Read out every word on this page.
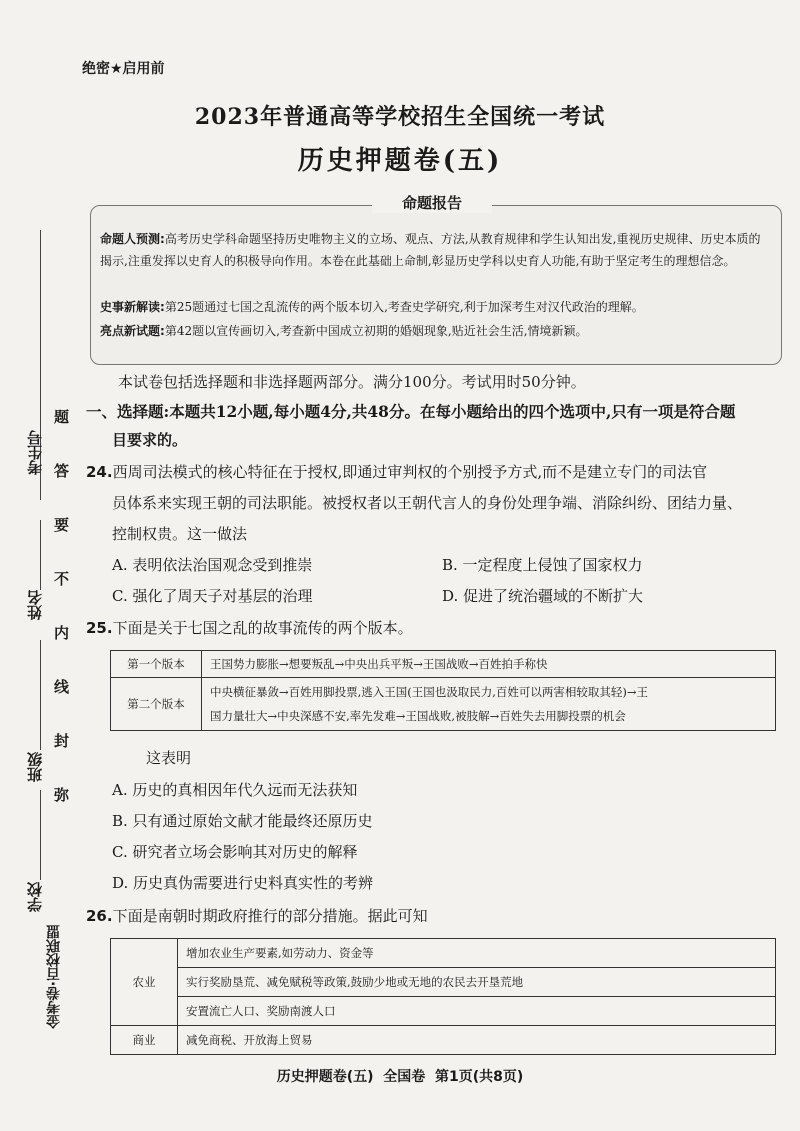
绝密★启用前
2023年普通高等学校招生全国统一考试
历史押题卷(五)
命题报告
命题人预测:高考历史学科命题坚持历史唯物主义的立场、观点、方法,从教育规律和学生认知出发,重视历史规律、历史本质的揭示,注重发挥以史育人的积极导向作用。本卷在此基础上命制,彰显历史学科以史育人功能,有助于坚定考生的理想信念。
史事新解读:第25题通过七国之乱流传的两个版本切入,考查史学研究,利于加深考生对汉代政治的理解。
亮点新试题:第42题以宣传画切入,考查新中国成立初期的婚姻现象,贴近社会生活,情境新颖。
本试卷包括选择题和非选择题两部分。满分100分。考试用时50分钟。
一、选择题:本题共12小题,每小题4分,共48分。在每小题给出的四个选项中,只有一项是符合题
目要求的。
24.西周司法模式的核心特征在于授权,即通过审判权的个别授予方式,而不是建立专门的司法官
员体系来实现王朝的司法职能。被授权者以王朝代言人的身份处理争端、消除纠纷、团结力量、
控制权贵。这一做法
A. 表明依法治国观念受到推崇	B. 一定程度上侵蚀了国家权力
C. 强化了周天子对基层的治理	D. 促进了统治疆域的不断扩大
25.下面是关于七国之乱的故事流传的两个版本。
第一个版本	王国势力膨胀→想要叛乱→中央出兵平叛→王国战败→百姓拍手称快
第二个版本	中央横征暴敛→百姓用脚投票,逃入王国(王国也汲取民力,百姓可以两害相较取其轻)→王
国力量壮大→中央深感不安,率先发难→王国战败,被肢解→百姓失去用脚投票的机会
这表明
A. 历史的真相因年代久远而无法获知
B. 只有通过原始文献才能最终还原历史
C. 研究者立场会影响其对历史的解释
D. 历史真伪需要进行史料真实性的考辨
26.下面是南朝时期政府推行的部分措施。据此可知
农业	增加农业生产要素,如劳动力、资金等
	实行奖励垦荒、减免赋税等政策,鼓励少地或无地的农民去开垦荒地
	安置流亡人口、奖励南渡人口
商业	减免商税、开放海上贸易
考生号
姓名
班级
学校
题
答
要
不
内
线
封
弥
金考卷·百校联盟
历史押题卷(五)  全国卷  第1页(共8页)
